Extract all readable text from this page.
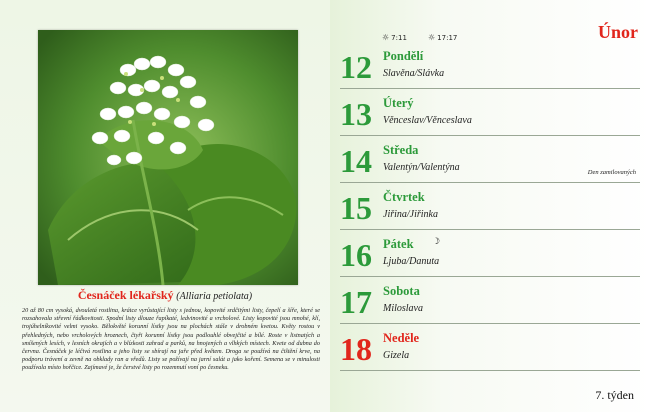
Česnáček lékařský (Alliaria petiolata)

20 až 80 cm vysoká, dvouletá rostlina, krátce vyrůstající listy s jednou, kopovité srdčitými listy, čepelí a šíře, které se rozsahovala střevní řádkovitosti. Spodní listy dlouze řapíkaté, ledvinovité a vrcholové. Listy kopovité jsou mnohé, klí, trojúhelníkovité velmi vysoko. Bělokvěté korunní lístky jsou na plochách stále v drobném kvetou. Květy rostou v přehledných, nebo vrcholových hroznech, čtyři korunní lístky jsou podlouhlé obvejčité a bílé. Roste v listnatých a smíšených lesích, v lesních okrajích a v blízkosti zahrad a parků, na hnojených a vlhkých místech. Kvete od dubna do června. Česnáček je léčivá rostlina a jeho listy se sbírají na jaře před květem. Droga se používá na čištění krve, na podporu trávení a zevně na obklady ran a vředů. Listy se požívají na jarní salát a jako koření. Semena se v minulosti používala místo hořčice. Zajímavé je, že čerstvé listy po rozemnutí voní po česneku.

☼ 7:11	☼ 17:17	Únor
12 Pondělí
Slavěna/Slávka
13 Úterý
Věnceslav/Věnceslava
14 Středa
Valentýn/Valentýna	Den zamilovaných
15 Čtvrtek
Jiřina/Jiřinka
16 Pátek ☽
Ljuba/Danuta
17 Sobota
Miloslava
18 Neděle
Gizela
7. týden
